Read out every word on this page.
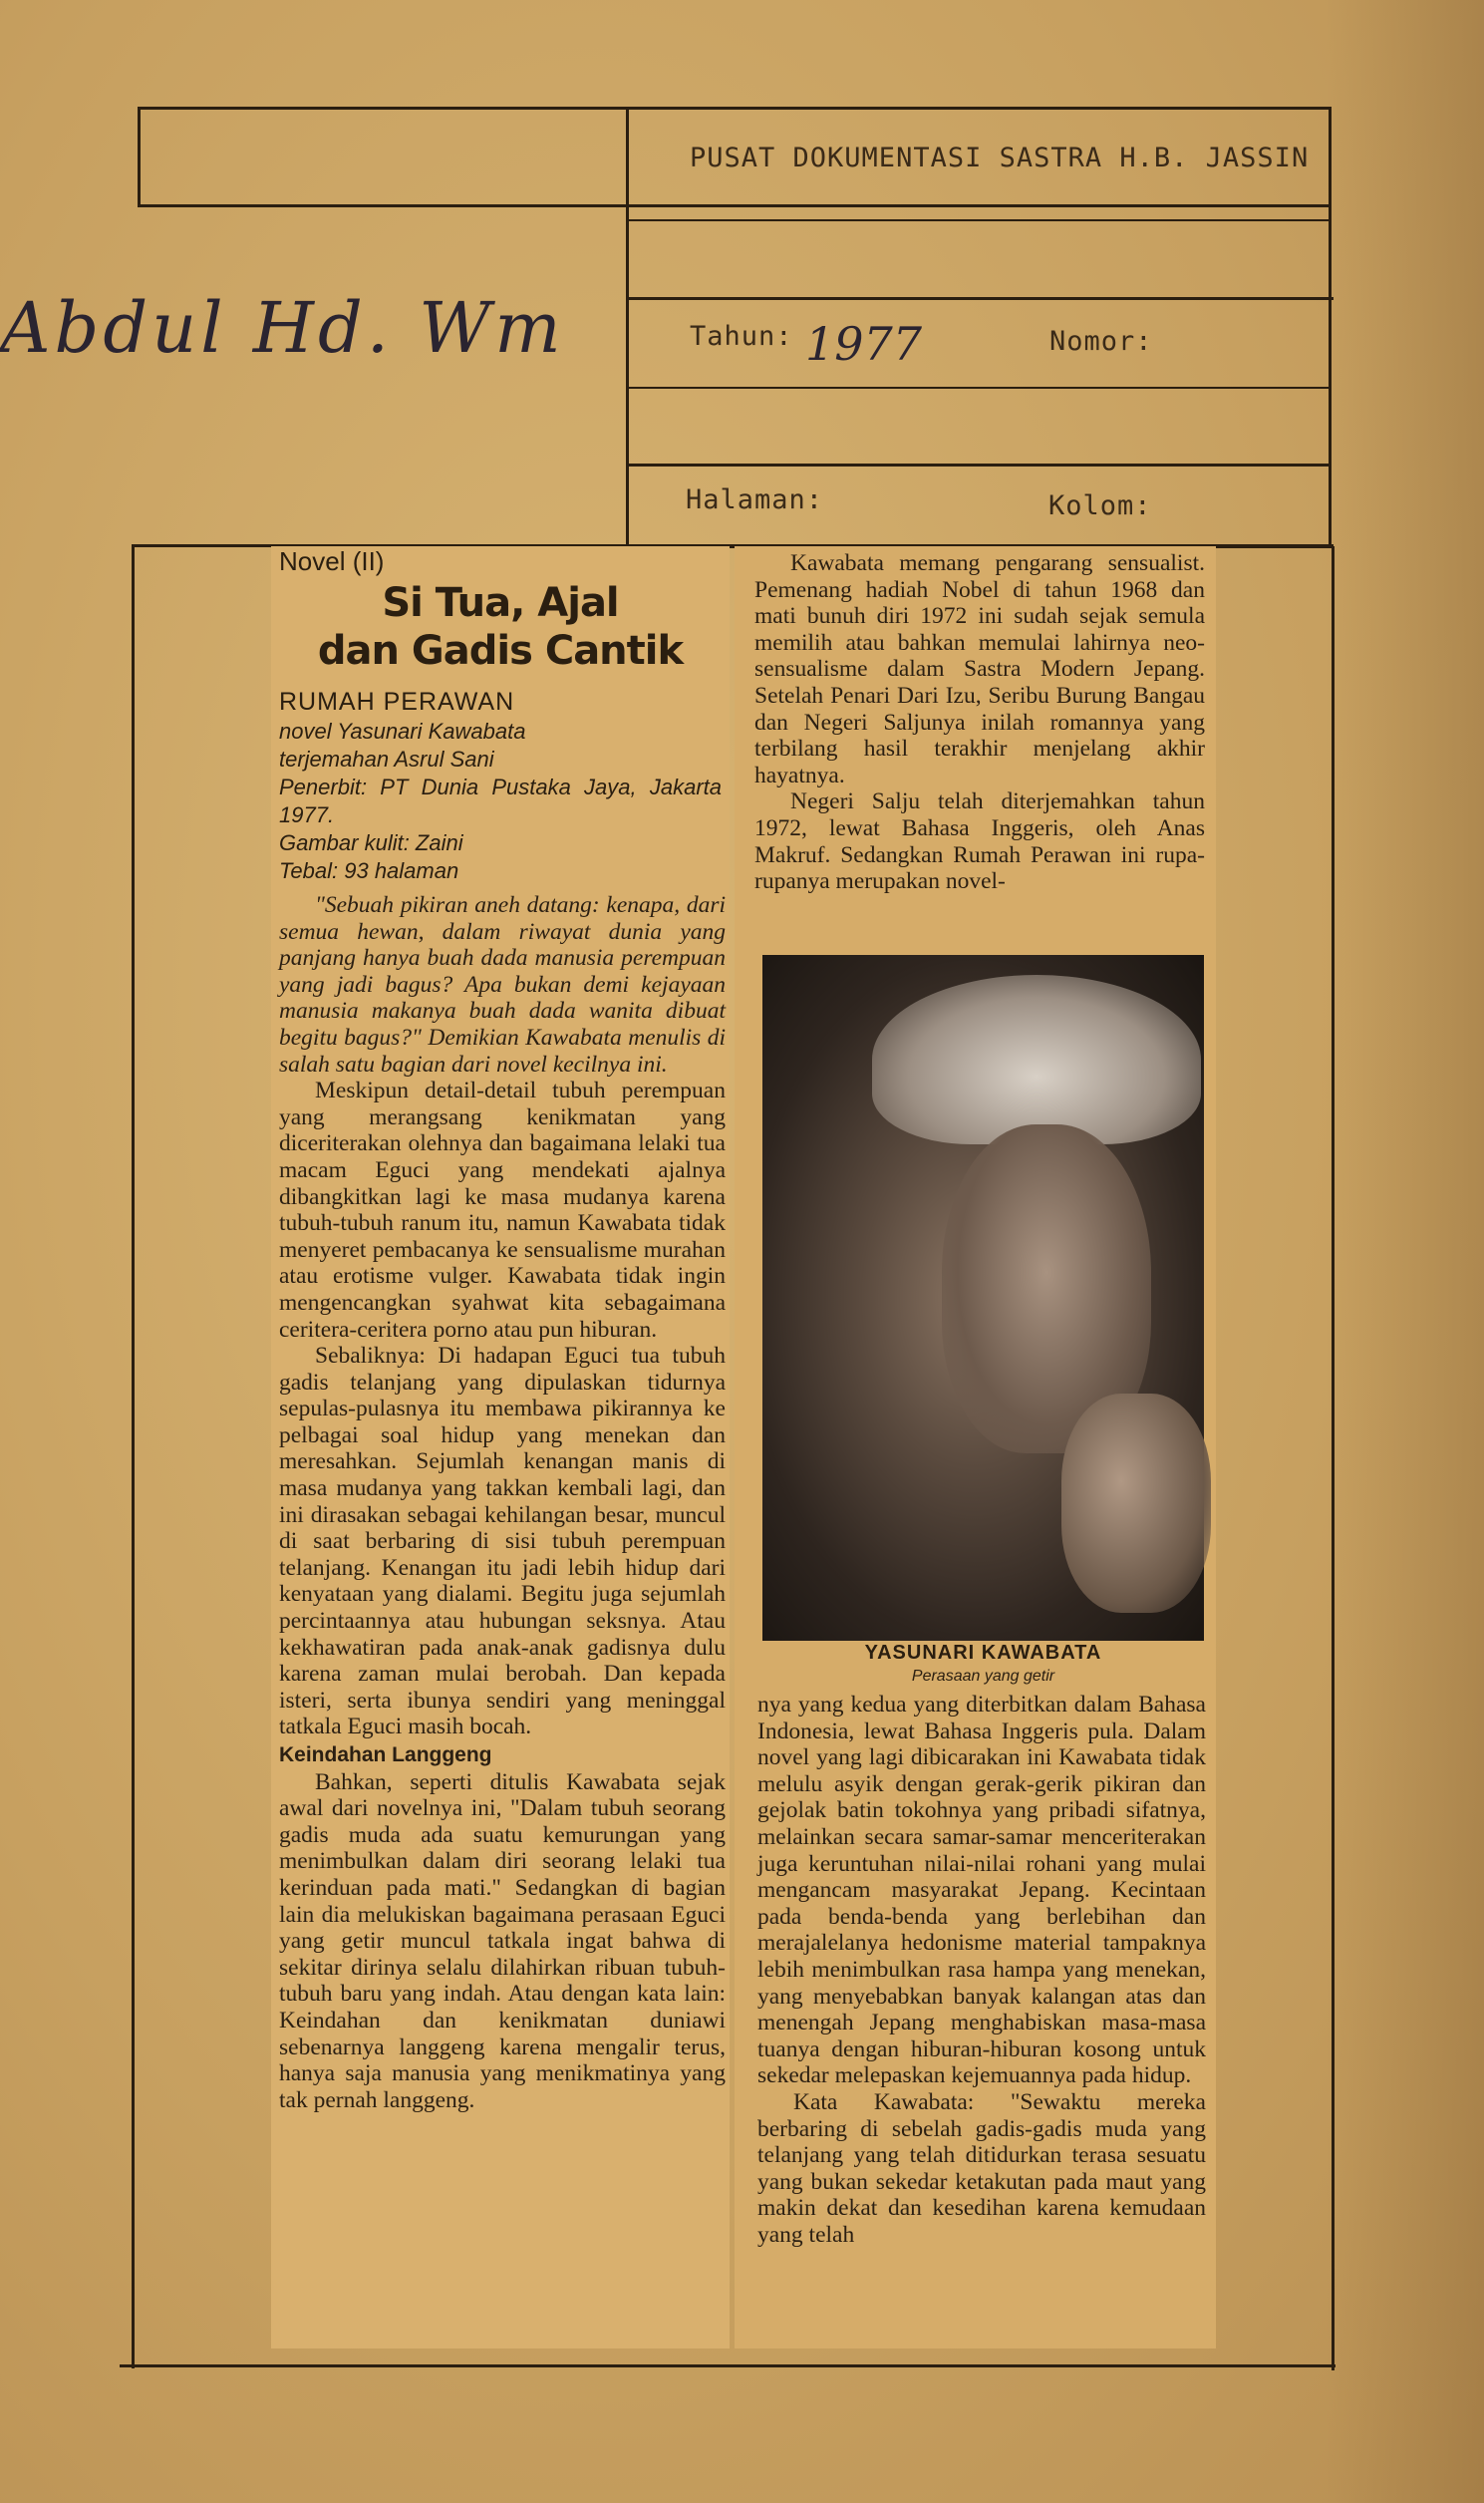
PUSAT DOKUMENTASI SASTRA H.B. JASSIN
Abdul Hd. Wm	Tahun: 1977	Nomor:
Halaman:	Kolom:
Novel (II)
Si Tua, Ajal
dan Gadis Cantik
RUMAH PERAWAN
novel Yasunari Kawabata
terjemahan Asrul Sani
Penerbit: PT Dunia Pustaka Jaya, Jakarta 1977.
Gambar kulit: Zaini
Tebal: 93 halaman

"Sebuah pikiran aneh datang: kenapa, dari semua hewan, dalam riwayat dunia yang panjang hanya buah dada manusia perempuan yang jadi bagus? Apa bukan demi kejayaan manusia makanya buah dada wanita dibuat begitu bagus?" Demikian Kawabata menulis di salah satu bagian dari novel kecilnya ini.

Meskipun detail-detail tubuh perempuan yang merangsang kenikmatan yang diceriterakan olehnya dan bagaimana lelaki tua macam Eguci yang mendekati ajalnya dibangkitkan lagi ke masa mudanya karena tubuh-tubuh ranum itu, namun Kawabata tidak menyeret pembacanya ke sensualisme murahan atau erotisme vulger. Kawabata tidak ingin mengencangkan syahwat kita sebagaimana ceritera-ceritera porno atau pun hiburan.

Sebaliknya: Di hadapan Eguci tua tubuh gadis telanjang yang dipulaskan tidurnya sepulas-pulasnya itu membawa pikirannya ke pelbagai soal hidup yang menekan dan meresahkan. Sejumlah kenangan manis di masa mudanya yang takkan kembali lagi, dan ini dirasakan sebagai kehilangan besar, muncul di saat berbaring di sisi tubuh perempuan telanjang. Kenangan itu jadi lebih hidup dari kenyataan yang dialami. Begitu juga sejumlah percintaannya atau hubungan seksnya. Atau kekhawatiran pada anak-anak gadisnya dulu karena zaman mulai berobah. Dan kepada isteri, serta ibunya sendiri yang meninggal tatkala Eguci masih bocah.

Keindahan Langgeng

Bahkan, seperti ditulis Kawabata sejak awal dari novelnya ini, "Dalam tubuh seorang gadis muda ada suatu kemurungan yang menimbulkan dalam diri seorang lelaki tua kerinduan pada mati." Sedangkan di bagian lain dia melukiskan bagaimana perasaan Eguci yang getir muncul tatkala ingat bahwa di sekitar dirinya selalu dilahirkan ribuan tubuh-tubuh baru yang indah. Atau dengan kata lain: Keindahan dan kenikmatan duniawi sebenarnya langgeng karena mengalir terus, hanya saja manusia yang menikmatinya yang tak pernah langgeng.

Kawabata memang pengarang sensualist. Pemenang hadiah Nobel di tahun 1968 dan mati bunuh diri 1972 ini sudah sejak semula memilih atau bahkan memulai lahirnya neo-sensualisme dalam Sastra Modern Jepang. Setelah Penari Dari Izu, Seribu Burung Bangau dan Negeri Saljunya inilah romannya yang terbilang hasil terakhir menjelang akhir hayatnya.

Negeri Salju telah diterjemahkan tahun 1972, lewat Bahasa Inggeris, oleh Anas Makruf. Sedangkan Rumah Perawan ini rupa-rupanya merupakan novel-

YASUNARI KAWABATA
Perasaan yang getir

nya yang kedua yang diterbitkan dalam Bahasa Indonesia, lewat Bahasa Inggeris pula. Dalam novel yang lagi dibicarakan ini Kawabata tidak melulu asyik dengan gerak-gerik pikiran dan gejolak batin tokohnya yang pribadi sifatnya, melainkan secara samar-samar menceriterakan juga keruntuhan nilai-nilai rohani yang mulai mengancam masyarakat Jepang. Kecintaan pada benda-benda yang berlebihan dan merajalelanya hedonisme material tampaknya lebih menimbulkan rasa hampa yang menekan, yang menyebabkan banyak kalangan atas dan menengah Jepang menghabiskan masa-masa tuanya dengan hiburan-hiburan kosong untuk sekedar melepaskan kejemuannya pada hidup.

Kata Kawabata: "Sewaktu mereka berbaring di sebelah gadis-gadis muda yang telanjang yang telah ditidurkan terasa sesuatu yang bukan sekedar ketakutan pada maut yang makin dekat dan kesedihan karena kemudaan yang telah
